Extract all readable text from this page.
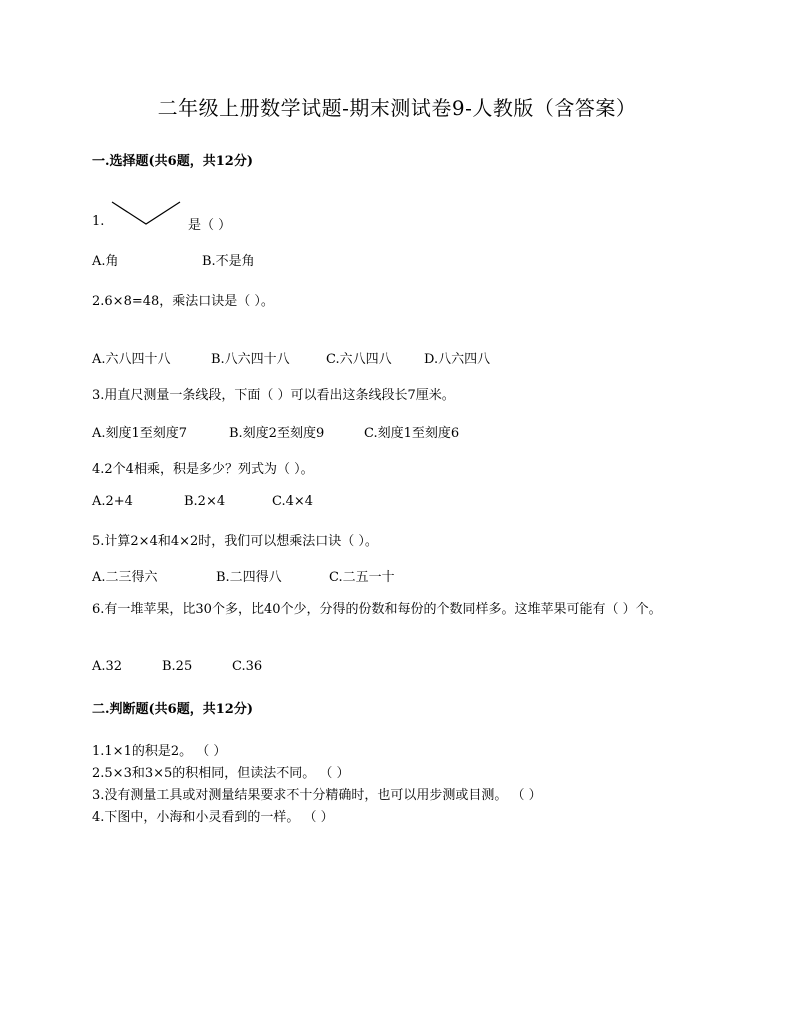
二年级上册数学试题-期末测试卷9-人教版（含答案）
一.选择题(共6题，共12分)
1.	是（ ）
A.角	B.不是角
2.6×8=48，乘法口诀是（ ）。
A.六八四十八	B.八六四十八	C.六八四八 D.八六四八
3.用直尺测量一条线段，下面（ ）可以看出这条线段长7厘米。
A.刻度1至刻度7	B.刻度2至刻度9	C.刻度1至刻度6
4.2个4相乘，积是多少？列式为（ ）。
A.2+4	B.2×4	C.4×4
5.计算2×4和4×2时，我们可以想乘法口诀（ ）。
A.二三得六	B.二四得八	C.二五一十
6.有一堆苹果，比30个多，比40个少，分得的份数和每份的个数同样多。这堆苹果可能有（ ）个。
A.32	B.25	C.36
二.判断题(共6题，共12分)
1.1×1的积是2。 （ ）
2.5×3和3×5的积相同，但读法不同。 （ ）
3.没有测量工具或对测量结果要求不十分精确时，也可以用步测或目测。 （ ）
4.下图中，小海和小灵看到的一样。 （ ）
